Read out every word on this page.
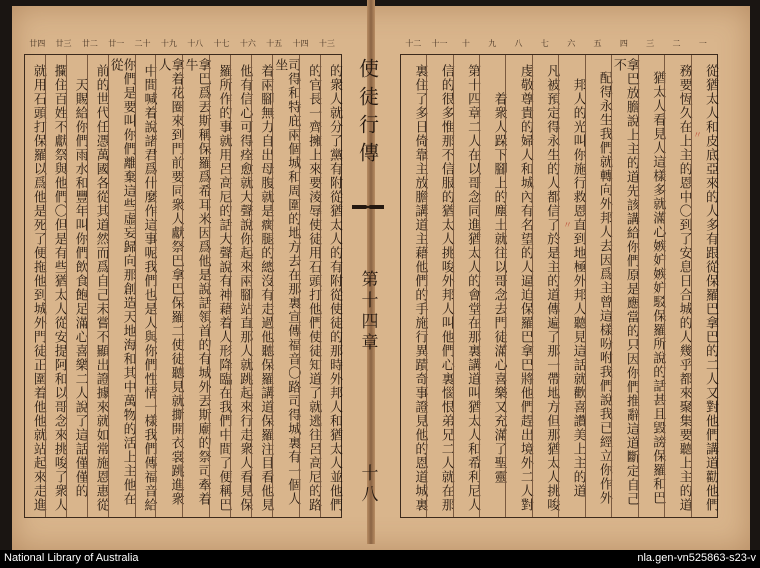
一
二
三
四
五
六
七
八
九
十
十一
十二
十三
十四
十五
十六
十七
十八
十九
二十
廿一
廿二
廿三
廿四
從猶太人和皮底亞來的人多有跟從保羅巴拿巴的二人又對他們講道勸他們
務要恆久在上主的恩中〇到了安息日合城的人幾乎都來聚集要聽上主的道
猶太人看見人這樣多就滿心嫉妒嫉妒駁保羅所說的話甚且毀謗保羅和巴
拿巴放膽說上主的道先該講給你們原是應當的只因你們推辭這道斷定自己不
配得永生我們就轉向外邦人去因爲主曾這樣吩咐我們說我已經立你作外
邦人的光叫你施行救恩直到地極外邦人聽見這話就歡喜讚美上主的道
凡被預定得永生的人都信了於是主的道傳遍了那一帶地方但那猶太人挑唆
虔敬尊貴的婦人和城內有名望的人逼迫保羅巴拿巴將他們趕出境外二人對
着衆人跺下腳上的塵土就往以哥念去門徒滿心喜樂又充滿了聖靈
第十四章二人在以哥念同進猶太人的會堂在那裏講道叫猶太人和希利尼人
信的很多惟那不信服的猶太人挑唆外邦人叫他們心裏惱恨弟兄二人就在那
裏住了多日倚靠主放膽講道主藉他們的手施行異蹟奇事證見他的恩道城裏
的衆人就分了黨有附從猶太人的有附從使徒的那時外邦人和猶太人並他們
的官長一齊擁上來要淩辱使徒用石頭打他們使徒知道了就逃往呂高尼的路
司得和特庇兩個城和周圍的地方去在那裏宣傳福音〇路司得城裏有一個人坐
着兩腳無力自出母腹就是瘸腿的總沒有走過他聽保羅講道保羅注目看他見
他有信心可得痊愈就大聲說你起來兩腳站直那人就跳起來行走衆人看見保
羅所作的事就用呂高尼的話大聲說有神藉着人形降臨在我們中間了便稱巴
拿巴爲丟斯稱保羅爲希耳米因爲他是說話領首的有城外丟斯廟的祭司牽着牛
拿着花圈來到門前要同衆人獻祭巴拿巴保羅二使徒聽見就撕開衣裳跳進衆人
中間喊着說諸君爲什麼作這事呢我們也是人與你們性情一樣我們傳福音給
你們是要叫你們離棄這些虛妄歸向那創造天地海和其中萬物的活上主他在從
前的世代任憑萬國各從其道然而爲自己未嘗不顯出證據來就如常施恩惠從
天賜給你們雨水和豐年叫你們飲食飽足滿心喜樂二人說了這話僅僅的
攔住百姓不獻祭與他們〇但是有些猶太人從安提阿和以哥念來挑唆了衆人
就用石頭打保羅以爲他是死了便拖他到城外門徒正圍着他他就站起來走進	使徒行傳
第十四章
十八
〃
〃
National Library of Australia	nla.gen-vn525863-s23-v
